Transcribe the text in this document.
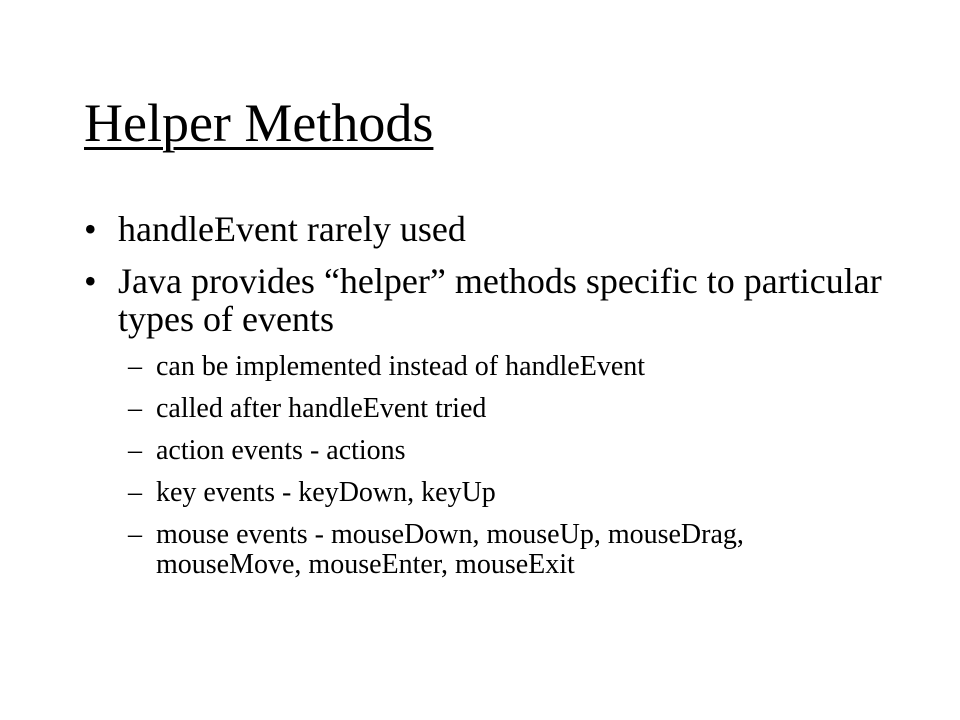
Helper Methods
• handleEvent rarely used
• Java provides “helper” methods specific to particular types of events
– can be implemented instead of handleEvent
– called after handleEvent tried
– action events - actions
– key events - keyDown, keyUp
– mouse events - mouseDown, mouseUp, mouseDrag, mouseMove, mouseEnter, mouseExit
